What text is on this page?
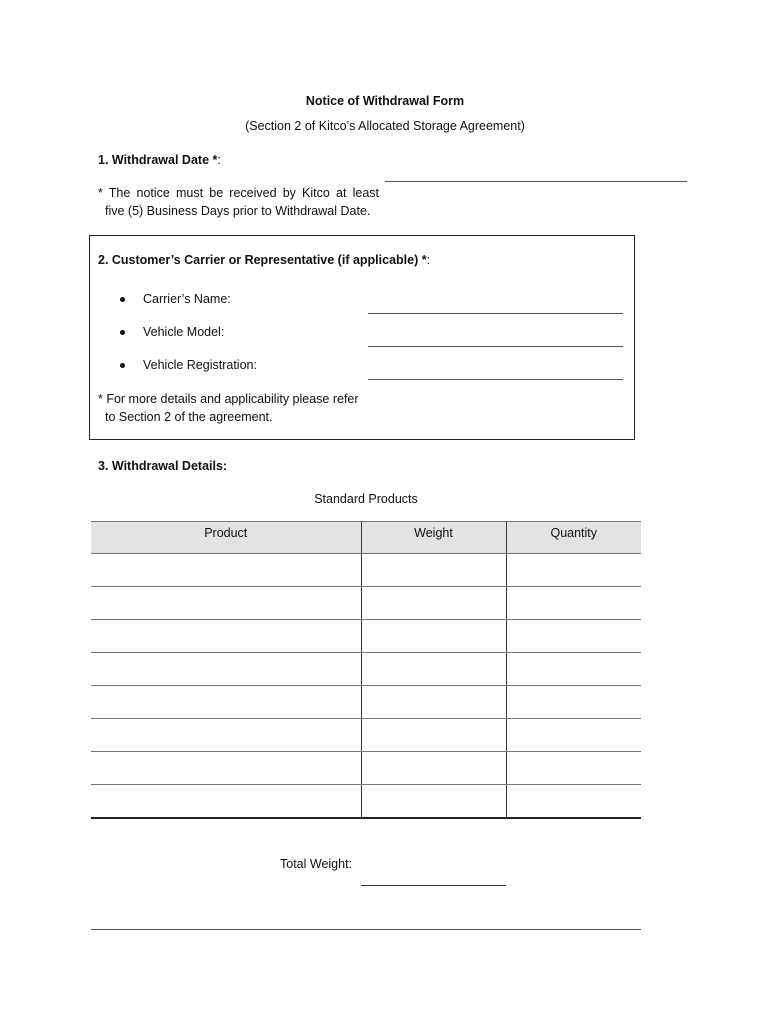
Notice of Withdrawal Form
(Section 2 of Kitco’s Allocated Storage Agreement)
1. Withdrawal Date *:
* The notice must be received by Kitco at least
five (5) Business Days prior to Withdrawal Date.
2. Customer’s Carrier or Representative (if applicable) *:
Carrier’s Name:
Vehicle Model:
Vehicle Registration:
* For more details and applicability please refer
to Section 2 of the agreement.
3. Withdrawal Details:
Standard Products
Product	Weight	Quantity

Total Weight:
